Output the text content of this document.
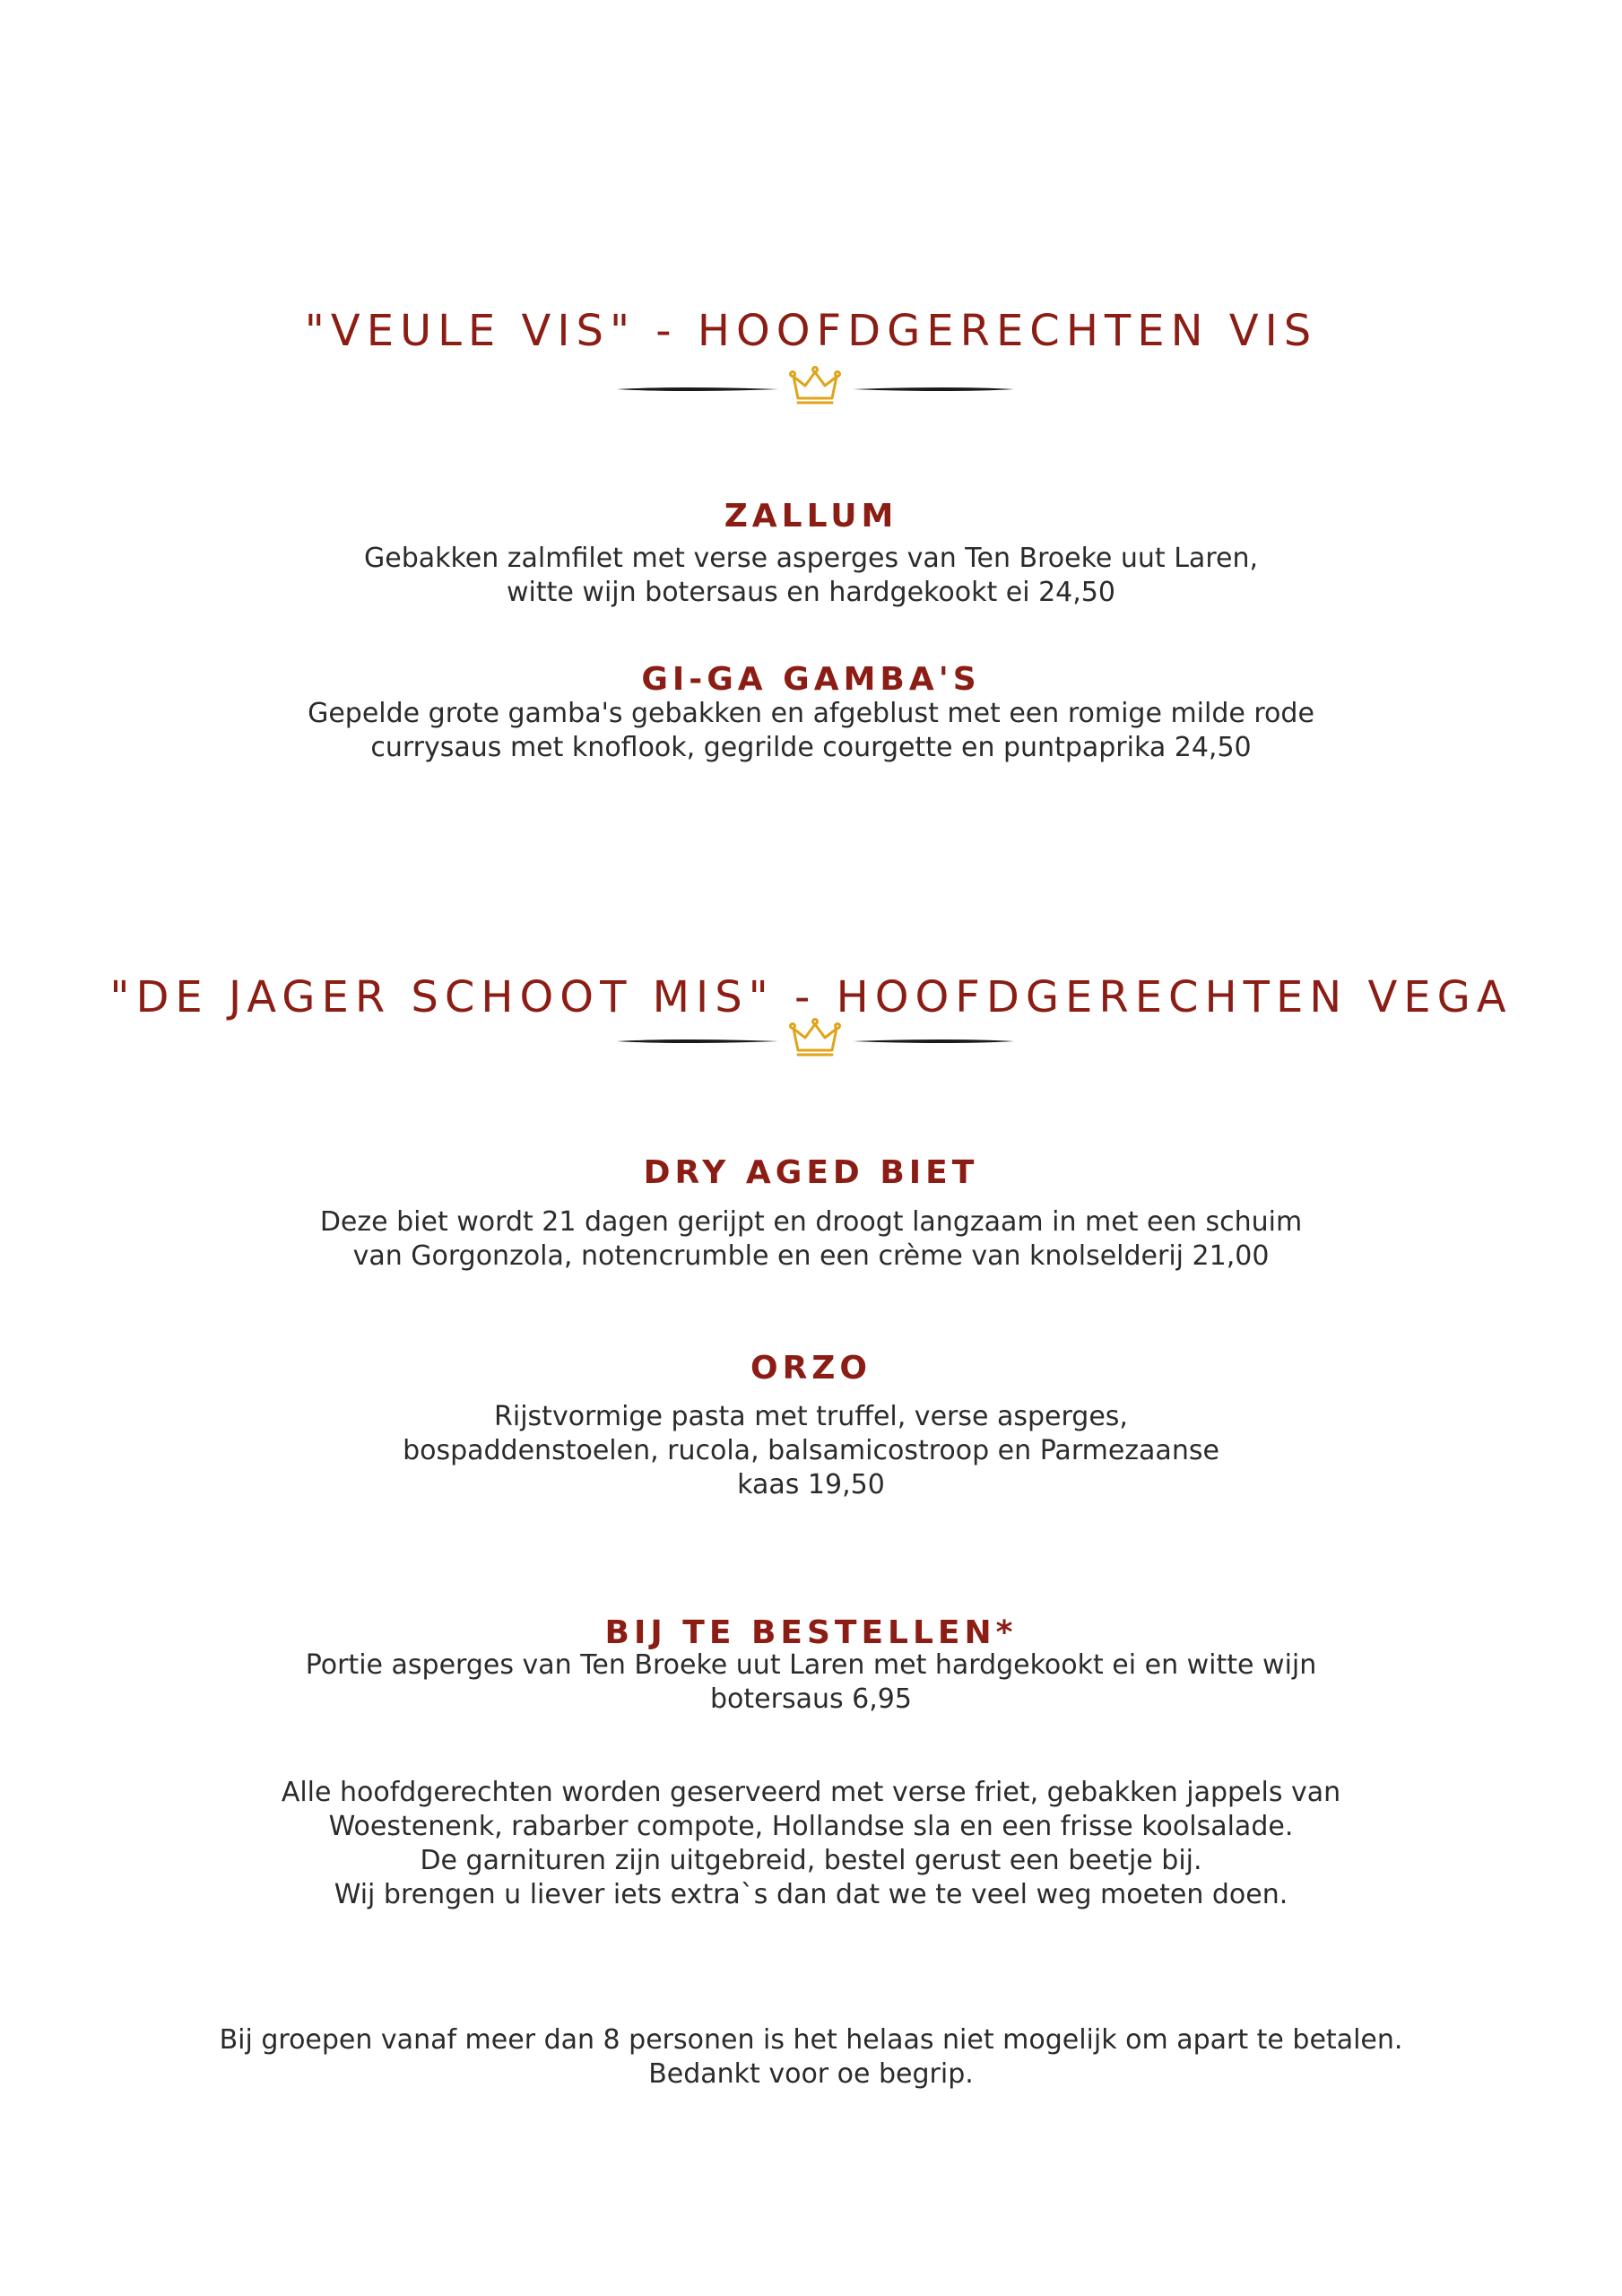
"VEULE VIS" - HOOFDGERECHTEN VIS
ZALLUM

Gebakken zalmfilet met verse asperges van Ten Broeke uut Laren,
witte wijn botersaus en hardgekookt ei 24,50

GI-GA GAMBA'S

Gepelde grote gamba's gebakken en afgeblust met een romige milde rode
currysaus met knoflook, gegrilde courgette en puntpaprika 24,50

"DE JAGER SCHOOT MIS" - HOOFDGERECHTEN VEGA
DRY AGED BIET

Deze biet wordt 21 dagen gerijpt en droogt langzaam in met een schuim
van Gorgonzola, notencrumble en een crème van knolselderij 21,00

ORZO

Rijstvormige pasta met truffel, verse asperges,
bospaddenstoelen, rucola, balsamicostroop en Parmezaanse
kaas 19,50

BIJ TE BESTELLEN*

Portie asperges van Ten Broeke uut Laren met hardgekookt ei en witte wijn
botersaus 6,95

Alle hoofdgerechten worden geserveerd met verse friet, gebakken jappels van
Woestenenk, rabarber compote, Hollandse sla en een frisse koolsalade.
De garnituren zijn uitgebreid, bestel gerust een beetje bij.
Wij brengen u liever iets extra`s dan dat we te veel weg moeten doen.

Bij groepen vanaf meer dan 8 personen is het helaas niet mogelijk om apart te betalen.
Bedankt voor oe begrip.
